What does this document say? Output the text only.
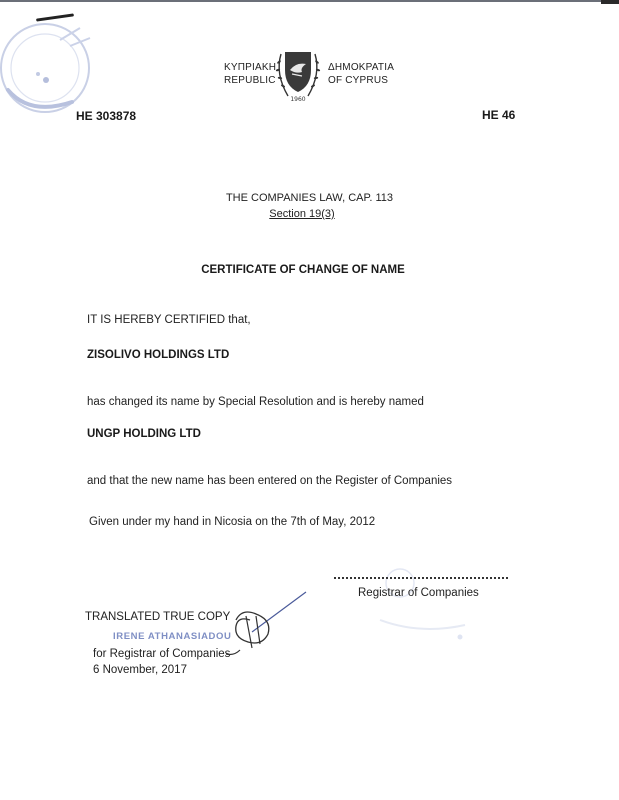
ΚΥΠΡΙΑΚΗ
REPUBLIC
1960
ΔΗΜΟΚΡΑΤΙΑ
OF CYPRUS
HE 303878	HE 46
THE COMPANIES LAW, CAP. 113
Section 19(3)
CERTIFICATE OF CHANGE OF NAME
IT IS HEREBY CERTIFIED that,
ZISOLIVO HOLDINGS LTD
has changed its name by Special Resolution and is hereby named
UNGP HOLDING LTD
and that the new name has been entered on the Register of Companies
Given under my hand in Nicosia on the 7th of May, 2012
Registrar of Companies
TRANSLATED TRUE COPY
IRENE ATHANASIADOU
for Registrar of Companies
6 November, 2017
